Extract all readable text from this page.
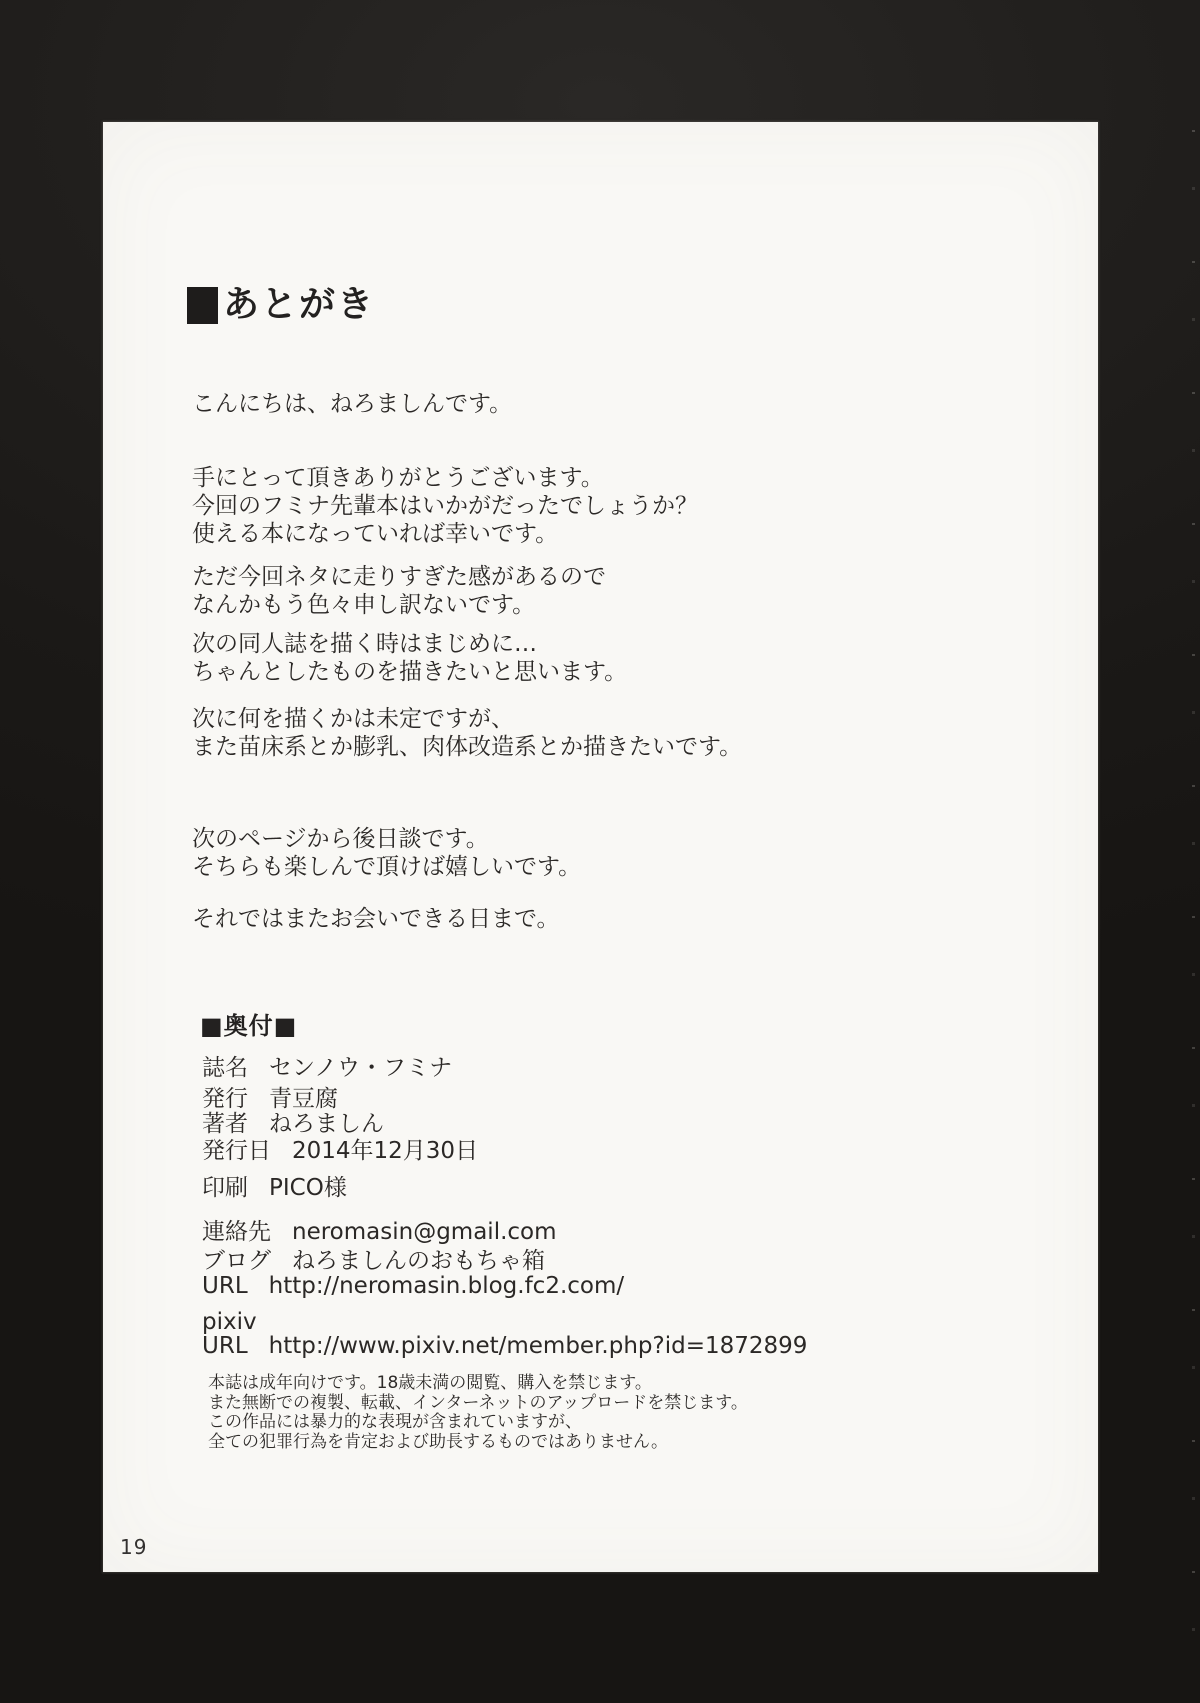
あとがき
こんにちは、ねろましんです。
手にとって頂きありがとうございます。
今回のフミナ先輩本はいかがだったでしょうか？
使える本になっていれば幸いです。
ただ今回ネタに走りすぎた感があるので
なんかもう色々申し訳ないです。
次の同人誌を描く時はまじめに…
ちゃんとしたものを描きたいと思います。
次に何を描くかは未定ですが、
また苗床系とか膨乳、肉体改造系とか描きたいです。
次のページから後日談です。
そちらも楽しんで頂けば嬉しいです。
それではまたお会いできる日まで。
■奥付■
誌名 センノウ・フミナ
発行 青豆腐
著者 ねろましん
発行日 2014年12月30日
印刷 PICO様
連絡先 neromasin@gmail.com
ブログ ねろましんのおもちゃ箱
URL http://neromasin.blog.fc2.com/
pixiv
URL http://www.pixiv.net/member.php?id=1872899
本誌は成年向けです。18歳未満の閲覧、購入を禁じます。
また無断での複製、転載、インターネットのアップロードを禁じます。
この作品には暴力的な表現が含まれていますが、
全ての犯罪行為を肯定および助長するものではありません。
19
